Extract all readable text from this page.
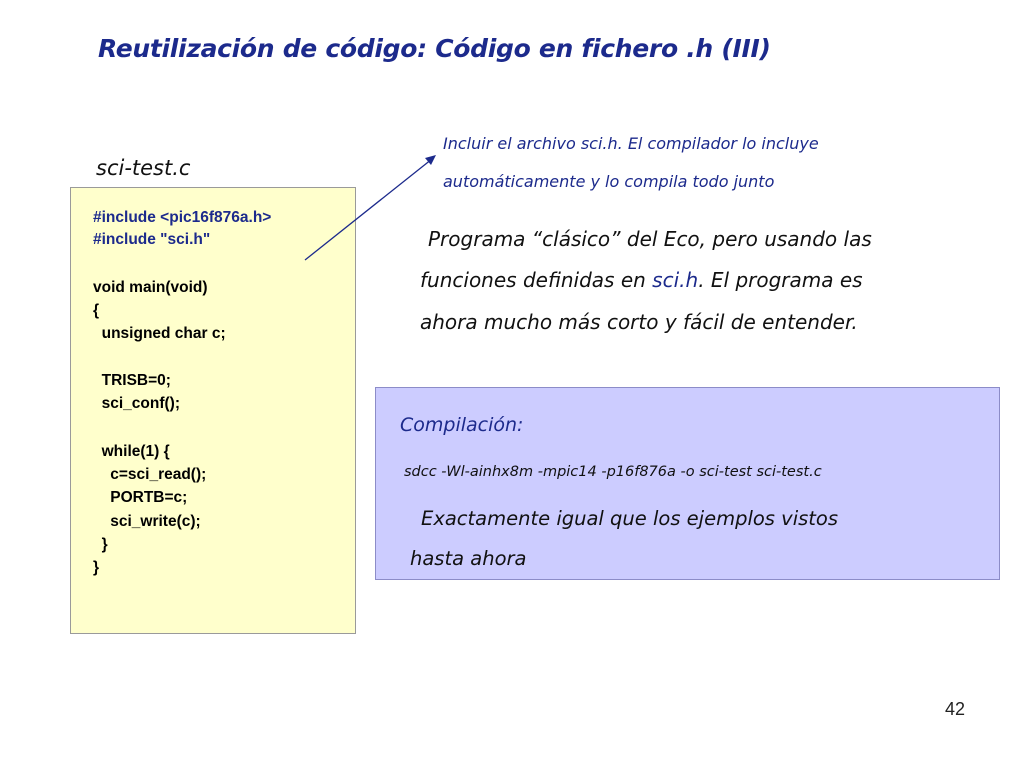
Reutilización de código: Código en fichero .h (III)
sci-test.c
#include <pic16f876a.h>
#include "sci.h"
void main(void)
{
unsigned char c;
TRISB=0;
sci_conf();
while(1) {
c=sci_read();
PORTB=c;
sci_write(c);
}
}
Incluir el archivo sci.h. El compilador lo incluye
automáticamente y lo compila todo junto
Programa “clásico” del Eco, pero usando las
funciones definidas en sci.h. El programa es
ahora mucho más corto y fácil de entender.
Compilación:
sdcc -Wl-ainhx8m -mpic14 -p16f876a -o sci-test sci-test.c
Exactamente igual que los ejemplos vistos
hasta ahora
42
